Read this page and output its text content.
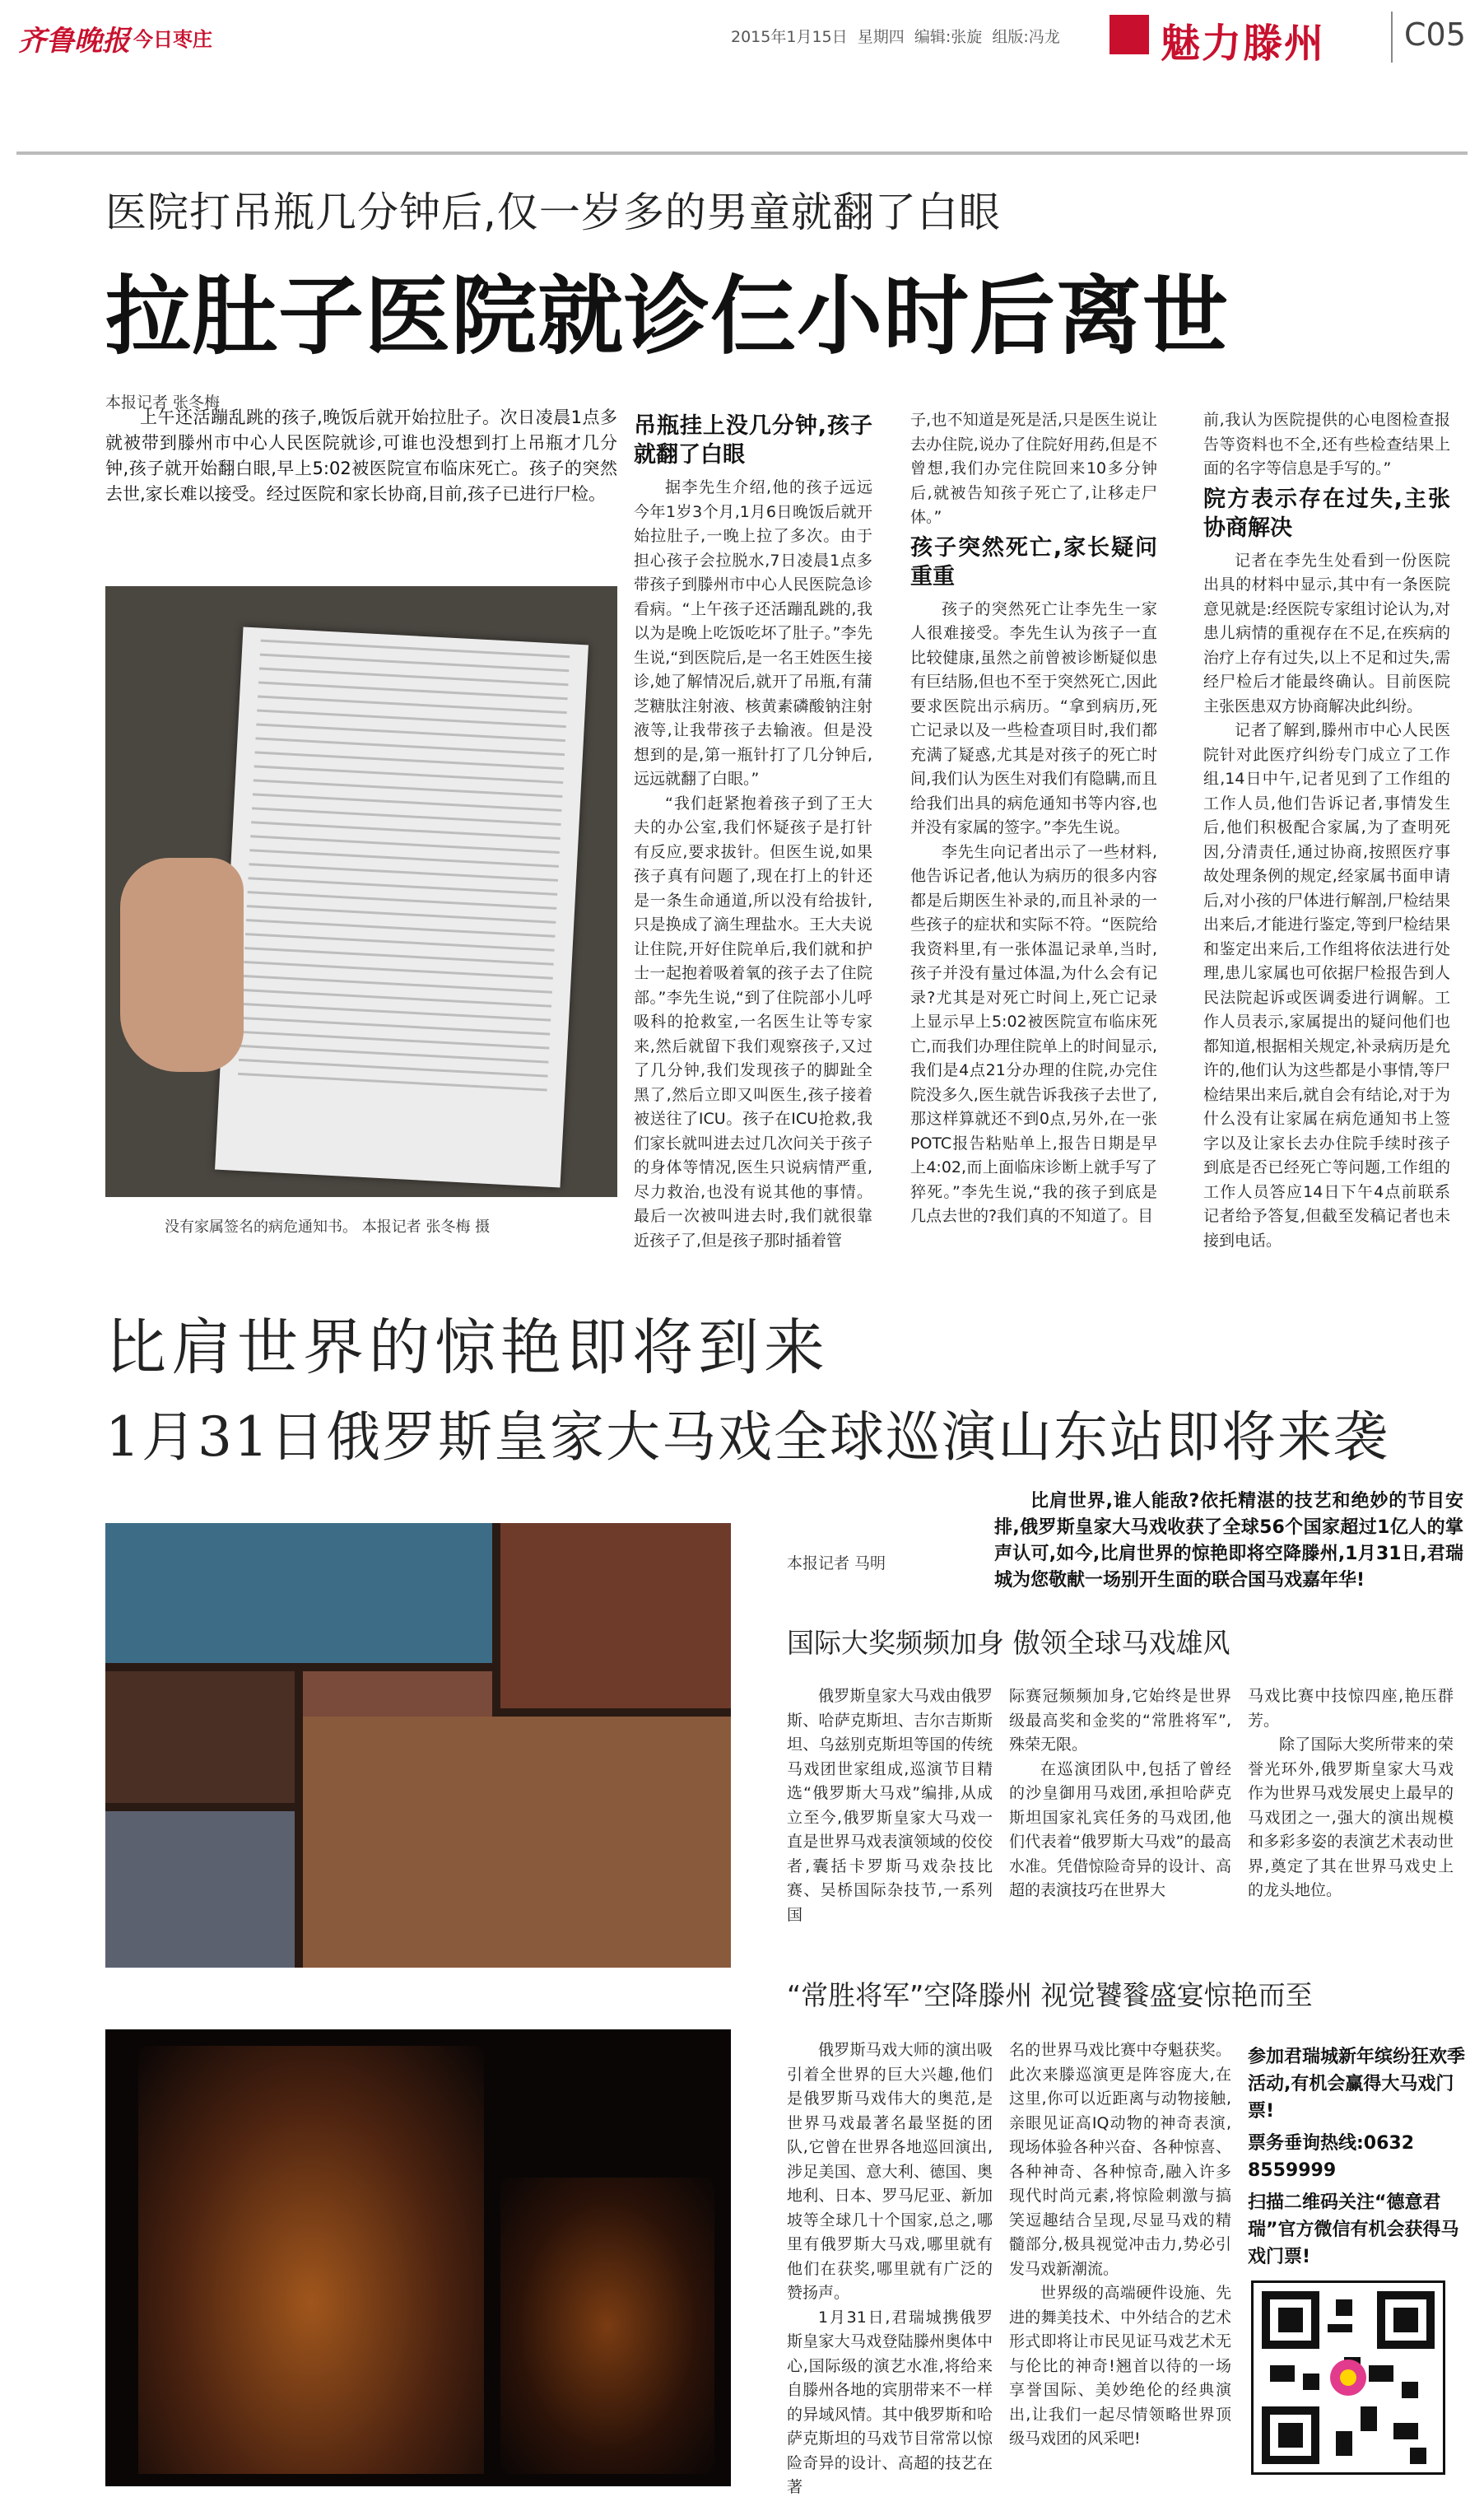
齐鲁晚报 今日枣庄	2015年1月15日 星期四 编辑:张旋 组版:冯龙	魅力滕州	C05
医院打吊瓶几分钟后,仅一岁多的男童就翻了白眼
拉肚子医院就诊仨小时后离世
本报记者 张冬梅
上午还活蹦乱跳的孩子,晚饭后就开始拉肚子。次日凌晨1点多就被带到滕州市中心人民医院就诊,可谁也没想到打上吊瓶才几分钟,孩子就开始翻白眼,早上5:02被医院宣布临床死亡。孩子的突然去世,家长难以接受。经过医院和家长协商,目前,孩子已进行尸检。
没有家属签名的病危通知书。 本报记者 张冬梅 摄
吊瓶挂上没几分钟,孩子就翻了白眼

据李先生介绍,他的孩子远远今年1岁3个月,1月6日晚饭后就开始拉肚子,一晚上拉了多次。由于担心孩子会拉脱水,7日凌晨1点多带孩子到滕州市中心人民医院急诊看病。“上午孩子还活蹦乱跳的,我以为是晚上吃饭吃坏了肚子。”李先生说,“到医院后,是一名王姓医生接诊,她了解情况后,就开了吊瓶,有蒲芝糖肽注射液、核黄素磷酸钠注射液等,让我带孩子去输液。但是没想到的是,第一瓶针打了几分钟后,远远就翻了白眼。”

“我们赶紧抱着孩子到了王大夫的办公室,我们怀疑孩子是打针有反应,要求拔针。但医生说,如果孩子真有问题了,现在打上的针还是一条生命通道,所以没有给拔针,只是换成了滴生理盐水。王大夫说让住院,开好住院单后,我们就和护士一起抱着吸着氧的孩子去了住院部。”李先生说,“到了住院部小儿呼吸科的抢救室,一名医生让等专家来,然后就留下我们观察孩子,又过了几分钟,我们发现孩子的脚趾全黑了,然后立即又叫医生,孩子接着被送往了ICU。孩子在ICU抢救,我们家长就叫进去过几次问关于孩子的身体等情况,医生只说病情严重,尽力救治,也没有说其他的事情。最后一次被叫进去时,我们就很靠近孩子了,但是孩子那时插着管

子,也不知道是死是活,只是医生说让去办住院,说办了住院好用药,但是不曾想,我们办完住院回来10多分钟后,就被告知孩子死亡了,让移走尸体。”

孩子突然死亡,家长疑问重重

孩子的突然死亡让李先生一家人很难接受。李先生认为孩子一直比较健康,虽然之前曾被诊断疑似患有巨结肠,但也不至于突然死亡,因此要求医院出示病历。“拿到病历,死亡记录以及一些检查项目时,我们都充满了疑惑,尤其是对孩子的死亡时间,我们认为医生对我们有隐瞒,而且给我们出具的病危通知书等内容,也并没有家属的签字。”李先生说。

李先生向记者出示了一些材料,他告诉记者,他认为病历的很多内容都是后期医生补录的,而且补录的一些孩子的症状和实际不符。“医院给我资料里,有一张体温记录单,当时,孩子并没有量过体温,为什么会有记录?尤其是对死亡时间上,死亡记录上显示早上5:02被医院宣布临床死亡,而我们办理住院单上的时间显示,我们是4点21分办理的住院,办完住院没多久,医生就告诉我孩子去世了,那这样算就还不到0点,另外,在一张POTC报告粘贴单上,报告日期是早上4:02,而上面临床诊断上就手写了猝死。”李先生说,“我的孩子到底是几点去世的?我们真的不知道了。目

前,我认为医院提供的心电图检查报告等资料也不全,还有些检查结果上面的名字等信息是手写的。”

院方表示存在过失,主张协商解决

记者在李先生处看到一份医院出具的材料中显示,其中有一条医院意见就是:经医院专家组讨论认为,对患儿病情的重视存在不足,在疾病的治疗上存有过失,以上不足和过失,需经尸检后才能最终确认。目前医院主张医患双方协商解决此纠纷。

记者了解到,滕州市中心人民医院针对此医疗纠纷专门成立了工作组,14日中午,记者见到了工作组的工作人员,他们告诉记者,事情发生后,他们积极配合家属,为了查明死因,分清责任,通过协商,按照医疗事故处理条例的规定,经家属书面申请后,对小孩的尸体进行解剖,尸检结果出来后,才能进行鉴定,等到尸检结果和鉴定出来后,工作组将依法进行处理,患儿家属也可依据尸检报告到人民法院起诉或医调委进行调解。工作人员表示,家属提出的疑问他们也都知道,根据相关规定,补录病历是允许的,他们认为这些都是小事情,等尸检结果出来后,就自会有结论,对于为什么没有让家属在病危通知书上签字以及让家长去办住院手续时孩子到底是否已经死亡等问题,工作组的工作人员答应14日下午4点前联系记者给予答复,但截至发稿记者也未接到电话。

比肩世界的惊艳即将到来
1月31日俄罗斯皇家大马戏全球巡演山东站即将来袭
本报记者 马明
比肩世界,谁人能敌?依托精湛的技艺和绝妙的节目安排,俄罗斯皇家大马戏收获了全球56个国家超过1亿人的掌声认可,如今,比肩世界的惊艳即将空降滕州,1月31日,君瑞城为您敬献一场别开生面的联合国马戏嘉年华!
国际大奖频频加身 傲领全球马戏雄风

俄罗斯皇家大马戏由俄罗斯、哈萨克斯坦、吉尔吉斯斯坦、乌兹别克斯坦等国的传统马戏团世家组成,巡演节目精选“俄罗斯大马戏”编排,从成立至今,俄罗斯皇家大马戏一直是世界马戏表演领域的佼佼者,囊括卡罗斯马戏杂技比赛、吴桥国际杂技节,一系列国

际赛冠频频加身,它始终是世界级最高奖和金奖的“常胜将军”,殊荣无限。

在巡演团队中,包括了曾经的沙皇御用马戏团,承担哈萨克斯坦国家礼宾任务的马戏团,他们代表着“俄罗斯大马戏”的最高水准。凭借惊险奇异的设计、高超的表演技巧在世界大

马戏比赛中技惊四座,艳压群芳。

除了国际大奖所带来的荣誉光环外,俄罗斯皇家大马戏作为世界马戏发展史上最早的马戏团之一,强大的演出规模和多彩多姿的表演艺术表动世界,奠定了其在世界马戏史上的龙头地位。

“常胜将军”空降滕州 视觉饕餮盛宴惊艳而至

俄罗斯马戏大师的演出吸引着全世界的巨大兴趣,他们是俄罗斯马戏伟大的奥范,是世界马戏最著名最坚挺的团队,它曾在世界各地巡回演出,涉足美国、意大利、德国、奥地利、日本、罗马尼亚、新加坡等全球几十个国家,总之,哪里有俄罗斯大马戏,哪里就有他们在获奖,哪里就有广泛的赞扬声。

1月31日,君瑞城携俄罗斯皇家大马戏登陆滕州奥体中心,国际级的演艺水准,将给来自滕州各地的宾朋带来不一样的异域风情。其中俄罗斯和哈萨克斯坦的马戏节目常常以惊险奇异的设计、高超的技艺在著

名的世界马戏比赛中夺魁获奖。此次来滕巡演更是阵容庞大,在这里,你可以近距离与动物接触,亲眼见证高IQ动物的神奇表演,现场体验各种兴奋、各种惊喜、各种神奇、各种惊奇,融入许多现代时尚元素,将惊险刺激与搞笑逗趣结合呈现,尽显马戏的精髓部分,极具视觉冲击力,势必引发马戏新潮流。

世界级的高端硬件设施、先进的舞美技术、中外结合的艺术形式即将让市民见证马戏艺术无与伦比的神奇!翘首以待的一场享誉国际、美妙绝伦的经典演出,让我们一起尽情领略世界顶级马戏团的风采吧!

参加君瑞城新年缤纷狂欢季活动,有机会赢得大马戏门票!
票务垂询热线:0632 8559999
扫描二维码关注“德意君瑞”官方微信有机会获得马戏门票!
